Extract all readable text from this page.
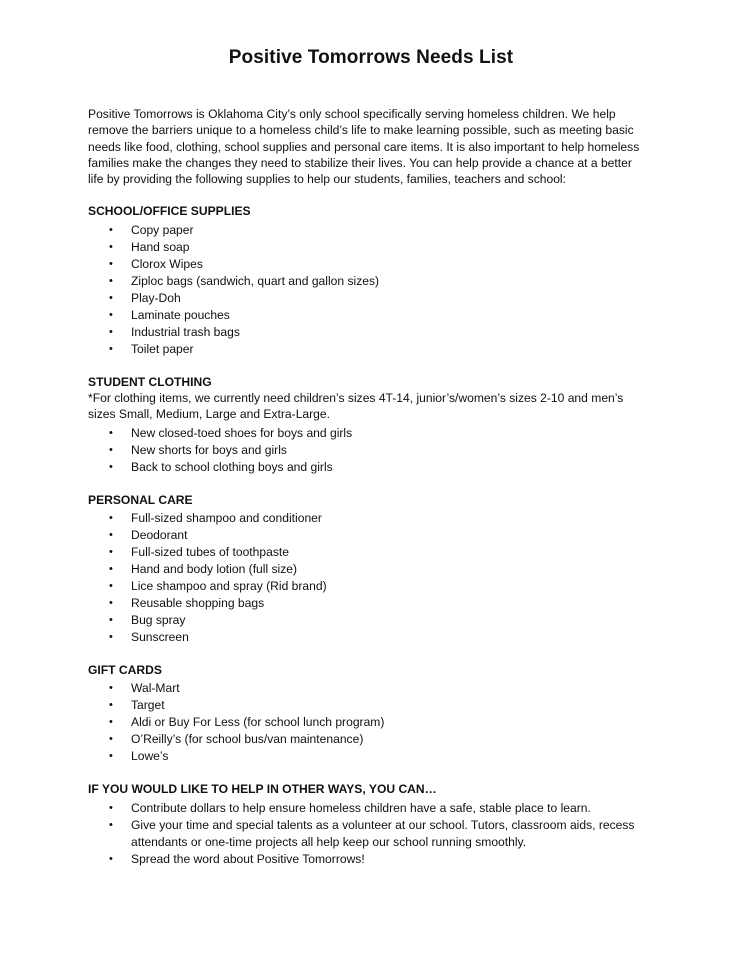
Positive Tomorrows Needs List

Positive Tomorrows is Oklahoma City’s only school specifically serving homeless children. We help remove the barriers unique to a homeless child’s life to make learning possible, such as meeting basic needs like food, clothing, school supplies and personal care items. It is also important to help homeless families make the changes they need to stabilize their lives. You can help provide a chance at a better life by providing the following supplies to help our students, families, teachers and school:

SCHOOL/OFFICE SUPPLIES

• Copy paper
• Hand soap
• Clorox Wipes
• Ziploc bags (sandwich, quart and gallon sizes)
• Play-Doh
• Laminate pouches
• Industrial trash bags
• Toilet paper

STUDENT CLOTHING

*For clothing items, we currently need children’s sizes 4T-14, junior’s/women’s sizes 2-10 and men’s sizes Small, Medium, Large and Extra-Large.

• New closed-toed shoes for boys and girls
• New shorts for boys and girls
• Back to school clothing boys and girls

PERSONAL CARE

• Full-sized shampoo and conditioner
• Deodorant
• Full-sized tubes of toothpaste
• Hand and body lotion (full size)
• Lice shampoo and spray (Rid brand)
• Reusable shopping bags
• Bug spray
• Sunscreen

GIFT CARDS

• Wal-Mart
• Target
• Aldi or Buy For Less (for school lunch program)
• O’Reilly’s (for school bus/van maintenance)
• Lowe’s

IF YOU WOULD LIKE TO HELP IN OTHER WAYS, YOU CAN…

• Contribute dollars to help ensure homeless children have a safe, stable place to learn.
• Give your time and special talents as a volunteer at our school. Tutors, classroom aids, recess attendants or one-time projects all help keep our school running smoothly.
• Spread the word about Positive Tomorrows!
